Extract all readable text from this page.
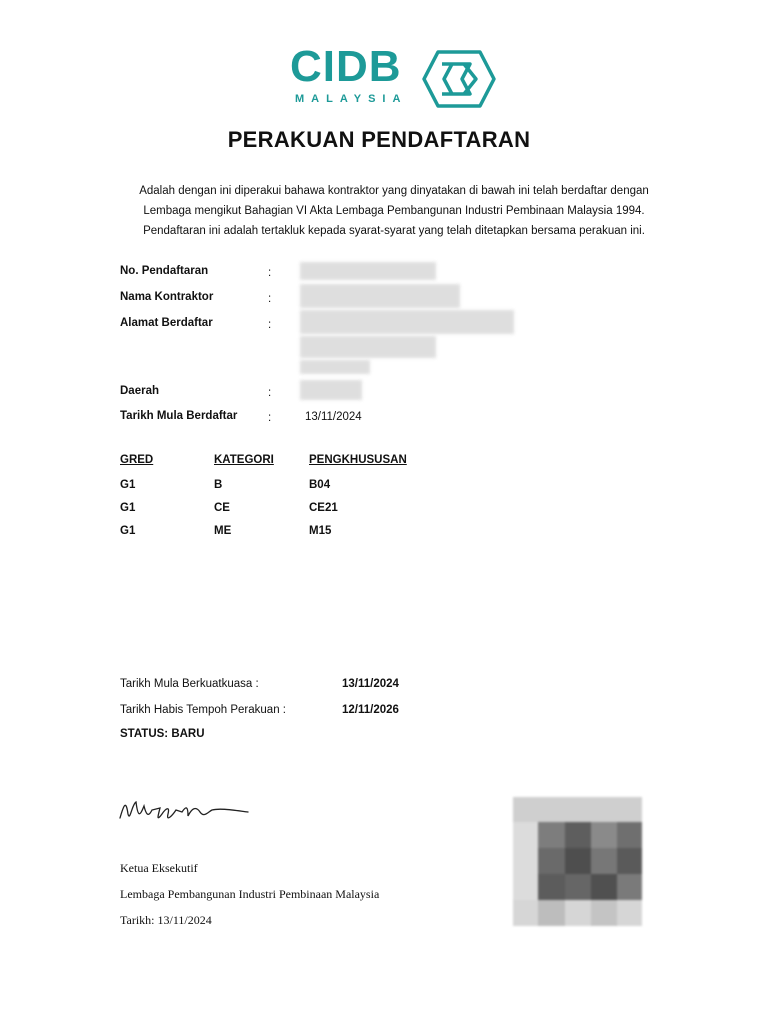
CIDB
MALAYSIA
PERAKUAN PENDAFTARAN
Adalah dengan ini diperakui bahawa kontraktor yang dinyatakan di bawah ini telah berdaftar dengan
Lembaga mengikut Bahagian VI Akta Lembaga Pembangunan Industri Pembinaan Malaysia 1994.
Pendaftaran ini adalah tertakluk kepada syarat-syarat yang telah ditetapkan bersama perakuan ini.
No. Pendaftaran	:
Nama Kontraktor	:
Alamat Berdaftar	:
Daerah	:
Tarikh Mula Berdaftar	:	13/11/2024
GRED	KATEGORI	PENGKHUSUSAN
G1	B	B04
G1	CE	CE21
G1	ME	M15
Tarikh Mula Berkuatkuasa :	13/11/2024
Tarikh Habis Tempoh Perakuan :	12/11/2026
STATUS: BARU
Ketua Eksekutif
Lembaga Pembangunan Industri Pembinaan Malaysia
Tarikh: 13/11/2024
